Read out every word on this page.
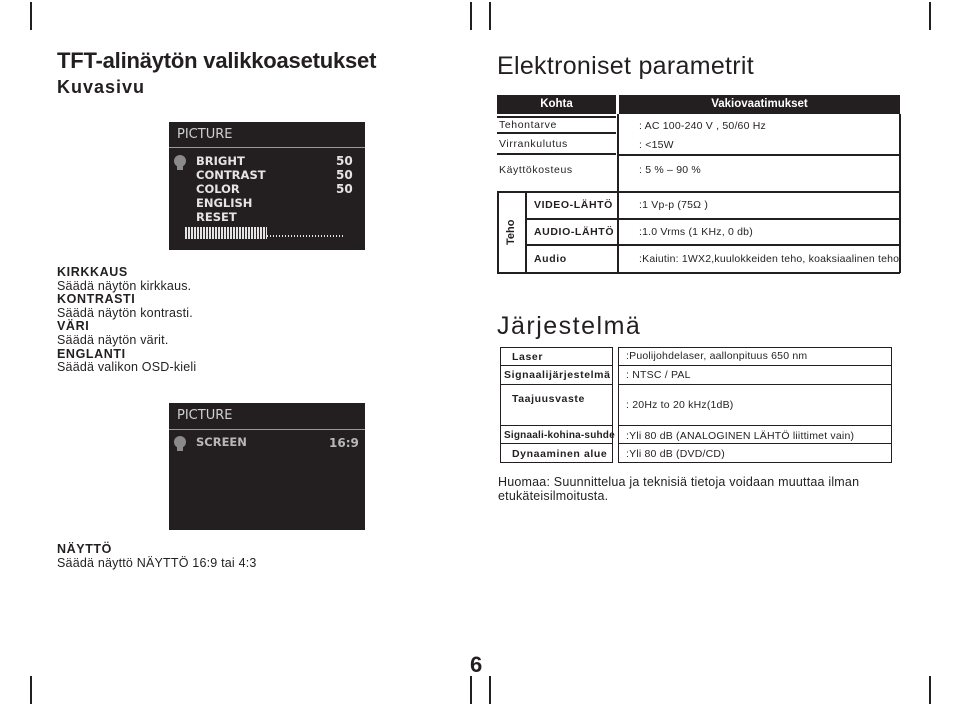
TFT-alinäytön valikkoasetukset
Kuvasivu
PICTURE
BRIGHT
CONTRAST
COLOR
ENGLISH
RESET
50
50
50
KIRKKAUS
Säädä näytön kirkkaus.
KONTRASTI
Säädä näytön kontrasti.
VÄRI
Säädä näytön värit.
ENGLANTI
Säädä valikon OSD-kieli
PICTURE
SCREEN	16:9
NÄYTTÖ
Säädä näyttö NÄYTTÖ 16:9 tai 4:3
Elektroniset parametrit
Kohta	Vakiovaatimukset
Tehontarve
Virrankulutus
Käyttökosteus
: AC 100-240 V , 50/60 Hz
: <15W
: 5 % – 90 %
Teho
VIDEO-LÄHTÖ
AUDIO-LÄHTÖ
Audio
:1 Vp-p (75Ω )
:1.0 Vrms (1 KHz, 0 db)
:Kaiutin: 1WX2,kuulokkeiden teho, koaksiaalinen teho
Järjestelmä
Laser
Signaalijärjestelmä
Taajuusvaste
Signaali-kohina-suhde
Dynaaminen alue
:Puolijohdelaser, aallonpituus 650 nm
: NTSC / PAL
: 20Hz to 20 kHz(1dB)
:Yli 80 dB (ANALOGINEN LÄHTÖ liittimet vain)
:Yli 80 dB (DVD/CD)
Huomaa: Suunnittelua ja teknisiä tietoja voidaan muuttaa ilman
etukäteisilmoitusta.
6
